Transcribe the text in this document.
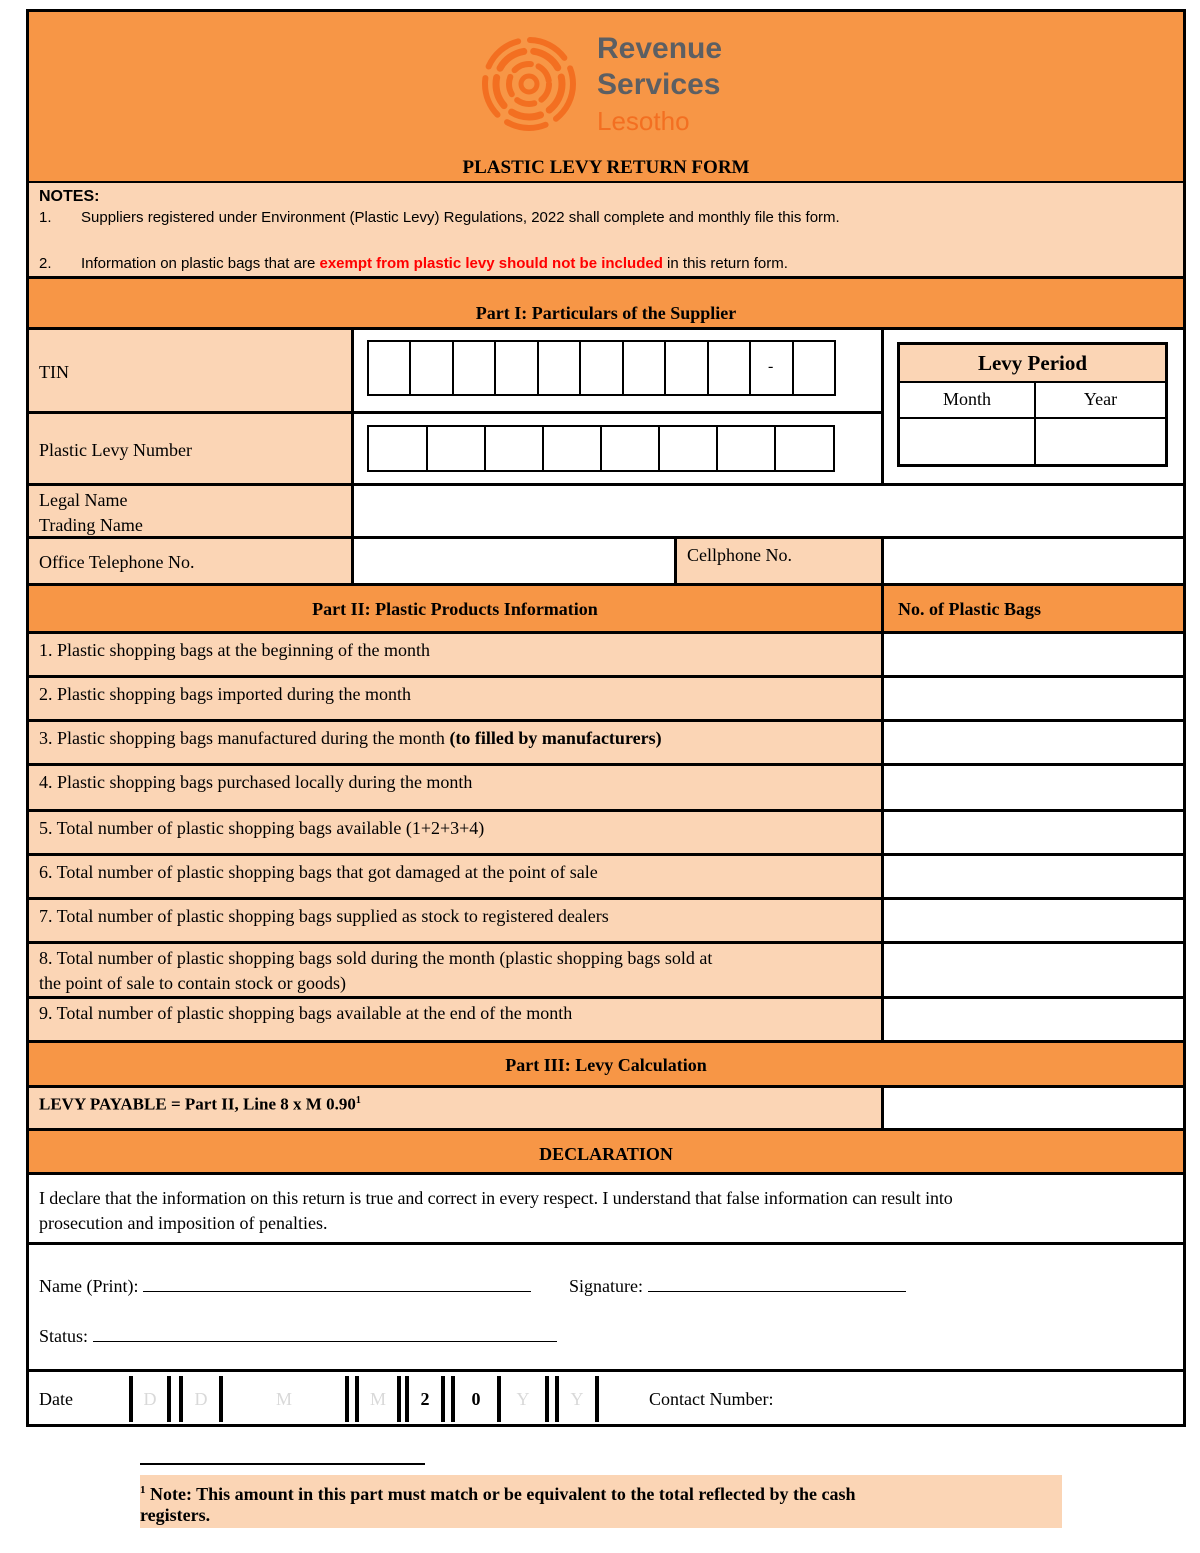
Revenue
Services
Lesotho
PLASTIC LEVY RETURN FORM
NOTES:
1. Suppliers registered under Environment (Plastic Levy) Regulations, 2022 shall complete and monthly file this form.
2. Information on plastic bags that are exempt from plastic levy should not be included in this return form.
Part I: Particulars of the Supplier
TIN	-
Plastic Levy Number
Levy Period
Month	Year
Legal Name
Trading Name
Office Telephone No.	Cellphone No.
Part II: Plastic Products Information	No. of Plastic Bags
1. Plastic shopping bags at the beginning of the month
2. Plastic shopping bags imported during the month
3. Plastic shopping bags manufactured during the month (to filled by manufacturers)
4. Plastic shopping bags purchased locally during the month
5. Total number of plastic shopping bags available (1+2+3+4)
6. Total number of plastic shopping bags that got damaged at the point of sale
7. Total number of plastic shopping bags supplied as stock to registered dealers
8. Total number of plastic shopping bags sold during the month (plastic shopping bags sold at
the point of sale to contain stock or goods)
9. Total number of plastic shopping bags available at the end of the month
Part III: Levy Calculation
LEVY PAYABLE = Part II, Line 8 x M 0.90$^1$
DECLARATION
I declare that the information on this return is true and correct in every respect. I understand that false information can result into
prosecution and imposition of penalties.
Name (Print):	Signature:
Status:
Date	D	D	M	M	2	0	Y	Y	Contact Number:
$^1$ Note: This amount in this part must match or be equivalent to the total reflected by the cash
registers.
